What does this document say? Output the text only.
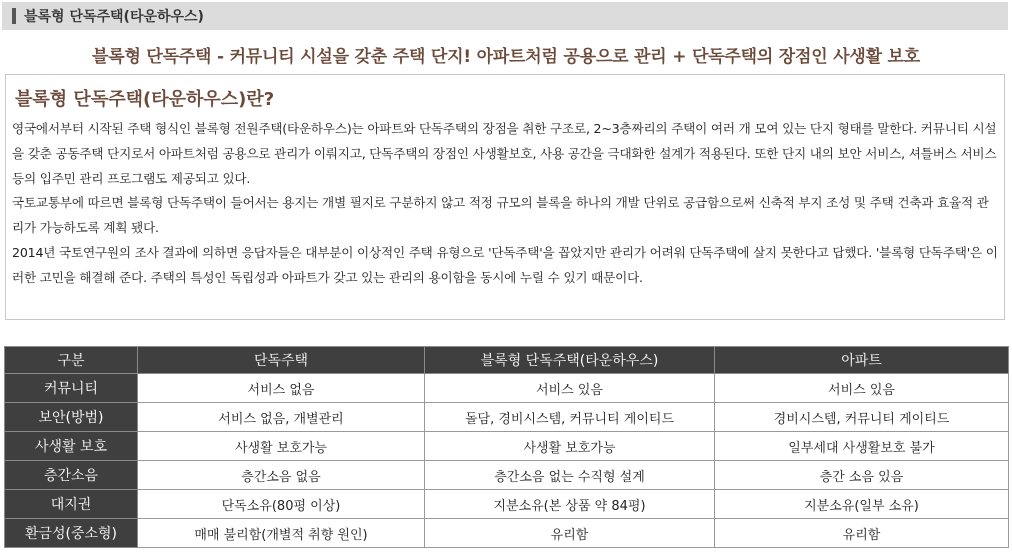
블록형 단독주택(타운하우스)
블록형 단독주택 - 커뮤니티 시설을 갖춘 주택 단지! 아파트처럼 공용으로 관리 + 단독주택의 장점인 사생활 보호
블록형 단독주택(타운하우스)란?

영국에서부터 시작된 주택 형식인 블록형 전원주택(타운하우스)는 아파트와 단독주택의 장점을 취한 구조로, 2~3층짜리의 주택이 여러 개 모여 있는 단지 형태를 말한다. 커뮤니티 시설을 갖춘 공동주택 단지로서 아파트처럼 공용으로 관리가 이뤄지고, 단독주택의 장점인 사생활보호, 사용 공간을 극대화한 설계가 적용된다. 또한 단지 내의 보안 서비스, 셔틀버스 서비스 등의 입주민 관리 프로그램도 제공되고 있다.

국토교통부에 따르면 블록형 단독주택이 들어서는 용지는 개별 필지로 구분하지 않고 적정 규모의 블록을 하나의 개발 단위로 공급함으로써 신축적 부지 조성 및 주택 건축과 효율적 관리가 가능하도록 계획 됐다.

2014년 국토연구원의 조사 결과에 의하면 응답자들은 대부분이 이상적인 주택 유형으로 '단독주택'을 꼽았지만 관리가 어려워 단독주택에 살지 못한다고 답했다. '블록형 단독주택'은 이러한 고민을 해결해 준다. 주택의 특성인 독립성과 아파트가 갖고 있는 관리의 용이함을 동시에 누릴 수 있기 때문이다.

구분	단독주택	블록형 단독주택(타운하우스)	아파트
커뮤니티	서비스 없음	서비스 있음	서비스 있음
보안(방범)	서비스 없음, 개별관리	돌담, 경비시스템, 커뮤니티 게이티드	경비시스템, 커뮤니티 게이티드
사생활 보호	사생활 보호가능	사생활 보호가능	일부세대 사생활보호 불가
층간소음	층간소음 없음	층간소음 없는 수직형 설계	층간 소음 있음
대지권	단독소유(80평 이상)	지분소유(본 상품 약 84평)	지분소유(일부 소유)
환금성(중소형)	매매 불리함(개별적 취향 원인)	유리함	유리함
